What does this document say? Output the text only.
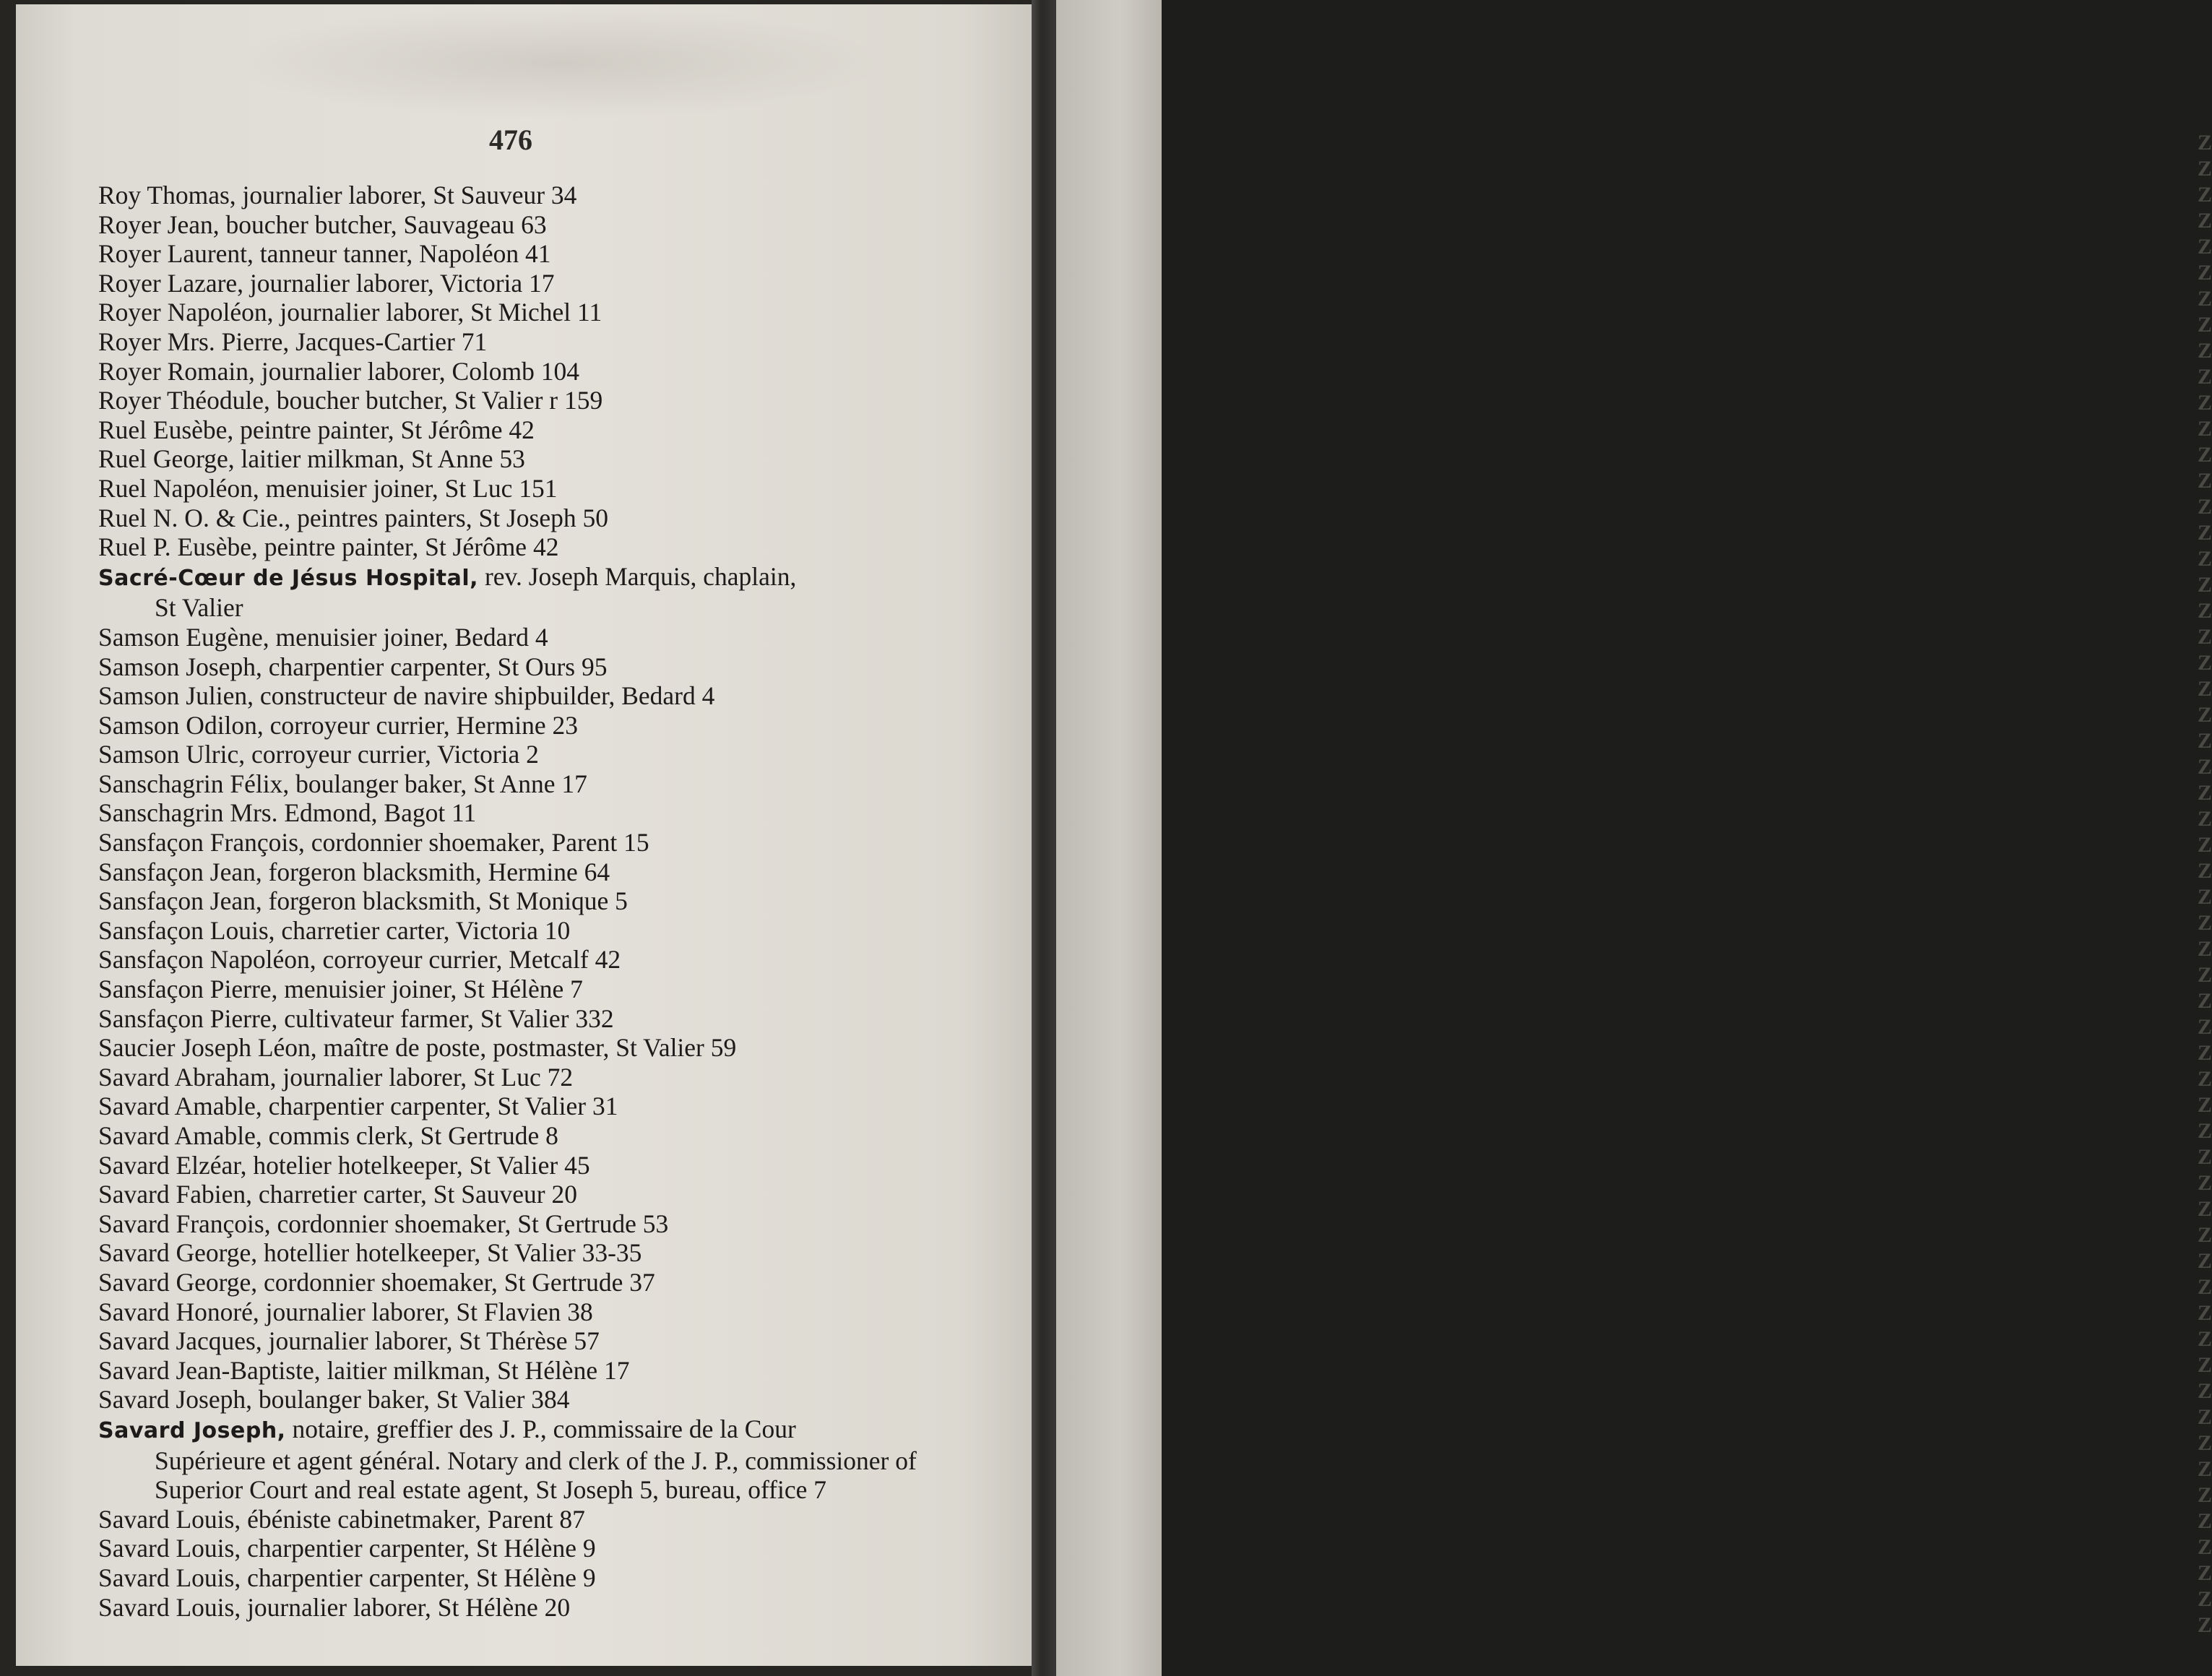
ZZZZZZZZZZZZZZZZZZZZZZZZZZZZZZZZZZZZZZZZZZZZZZZZZZZZZZZZZZ
476
Roy Thomas, journalier laborer, St Sauveur 34
Royer Jean, boucher butcher, Sauvageau 63
Royer Laurent, tanneur tanner, Napoléon 41
Royer Lazare, journalier laborer, Victoria 17
Royer Napoléon, journalier laborer, St Michel 11
Royer Mrs. Pierre, Jacques-Cartier 71
Royer Romain, journalier laborer, Colomb 104
Royer Théodule, boucher butcher, St Valier r 159
Ruel Eusèbe, peintre painter, St Jérôme 42
Ruel George, laitier milkman, St Anne 53
Ruel Napoléon, menuisier joiner, St Luc 151
Ruel N. O. & Cie., peintres painters, St Joseph 50
Ruel P. Eusèbe, peintre painter, St Jérôme 42
Sacré-Cœur de Jésus Hospital, rev. Joseph Marquis, chaplain,
St Valier
Samson Eugène, menuisier joiner, Bedard 4
Samson Joseph, charpentier carpenter, St Ours 95
Samson Julien, constructeur de navire shipbuilder, Bedard 4
Samson Odilon, corroyeur currier, Hermine 23
Samson Ulric, corroyeur currier, Victoria 2
Sanschagrin Félix, boulanger baker, St Anne 17
Sanschagrin Mrs. Edmond, Bagot 11
Sansfaçon François, cordonnier shoemaker, Parent 15
Sansfaçon Jean, forgeron blacksmith, Hermine 64
Sansfaçon Jean, forgeron blacksmith, St Monique 5
Sansfaçon Louis, charretier carter, Victoria 10
Sansfaçon Napoléon, corroyeur currier, Metcalf 42
Sansfaçon Pierre, menuisier joiner, St Hélène 7
Sansfaçon Pierre, cultivateur farmer, St Valier 332
Saucier Joseph Léon, maître de poste, postmaster, St Valier 59
Savard Abraham, journalier laborer, St Luc 72
Savard Amable, charpentier carpenter, St Valier 31
Savard Amable, commis clerk, St Gertrude 8
Savard Elzéar, hotelier hotelkeeper, St Valier 45
Savard Fabien, charretier carter, St Sauveur 20
Savard François, cordonnier shoemaker, St Gertrude 53
Savard George, hotellier hotelkeeper, St Valier 33-35
Savard George, cordonnier shoemaker, St Gertrude 37
Savard Honoré, journalier laborer, St Flavien 38
Savard Jacques, journalier laborer, St Thérèse 57
Savard Jean-Baptiste, laitier milkman, St Hélène 17
Savard Joseph, boulanger baker, St Valier 384
Savard Joseph, notaire, greffier des J. P., commissaire de la Cour
Supérieure et agent général. Notary and clerk of the J. P., commissioner of Superior Court and real estate agent, St Joseph 5, bureau, office 7
Savard Louis, ébéniste cabinetmaker, Parent 87
Savard Louis, charpentier carpenter, St Hélène 9
Savard Louis, charpentier carpenter, St Hélène 9
Savard Louis, journalier laborer, St Hélène 20
